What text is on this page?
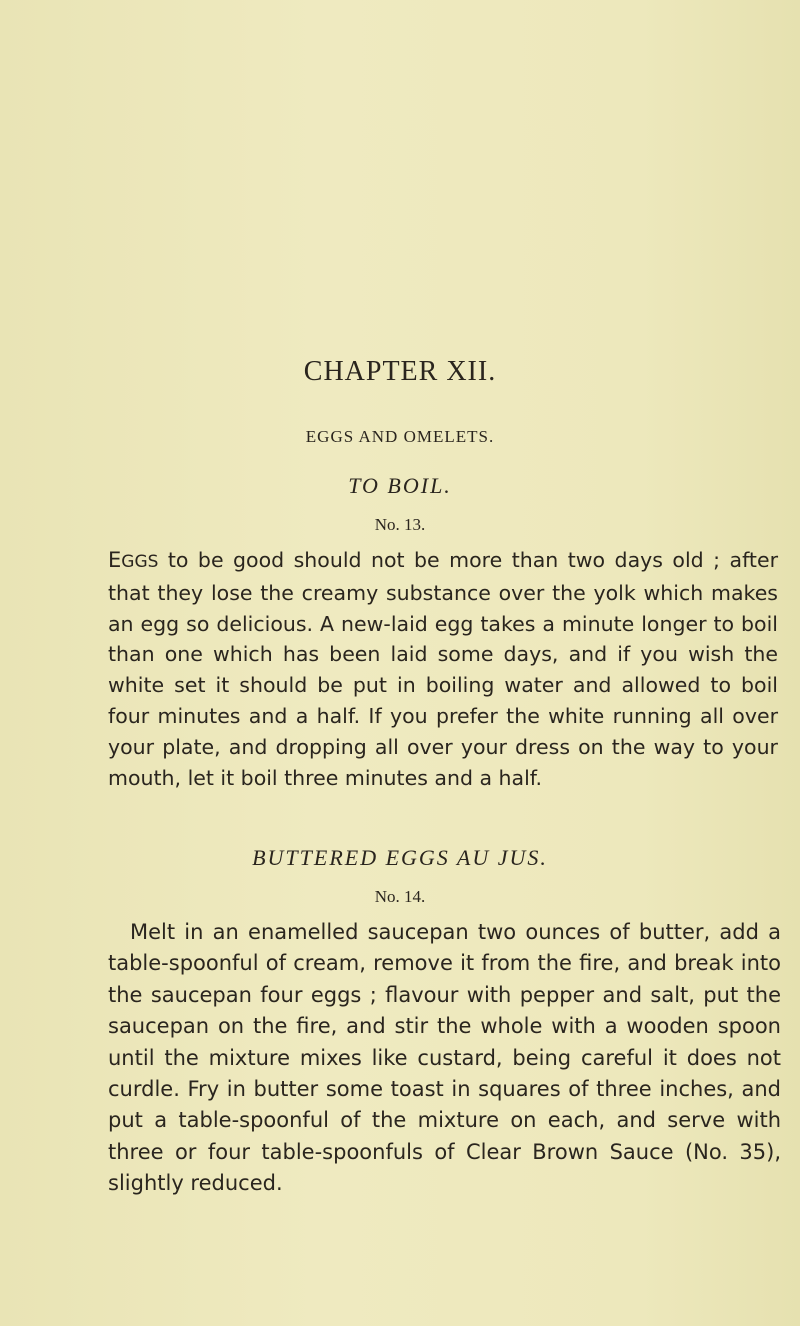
CHAPTER XII.
EGGS AND OMELETS.
TO BOIL.
No. 13.

EGGS to be good should not be more than two days old ; after that they lose the creamy substance over the yolk which makes an egg so delicious. A new-laid egg takes a minute longer to boil than one which has been laid some days, and if you wish the white set it should be put in boiling water and allowed to boil four minutes and a half. If you prefer the white running all over your plate, and dropping all over your dress on the way to your mouth, let it boil three minutes and a half.

BUTTERED EGGS AU JUS.
No. 14.

Melt in an enamelled saucepan two ounces of butter, add a table-spoonful of cream, remove it from the fire, and break into the saucepan four eggs ; flavour with pepper and salt, put the saucepan on the fire, and stir the whole with a wooden spoon until the mixture mixes like custard, being careful it does not curdle. Fry in butter some toast in squares of three inches, and put a table-spoonful of the mixture on each, and serve with three or four table-spoonfuls of Clear Brown Sauce (No. 35), slightly reduced.
